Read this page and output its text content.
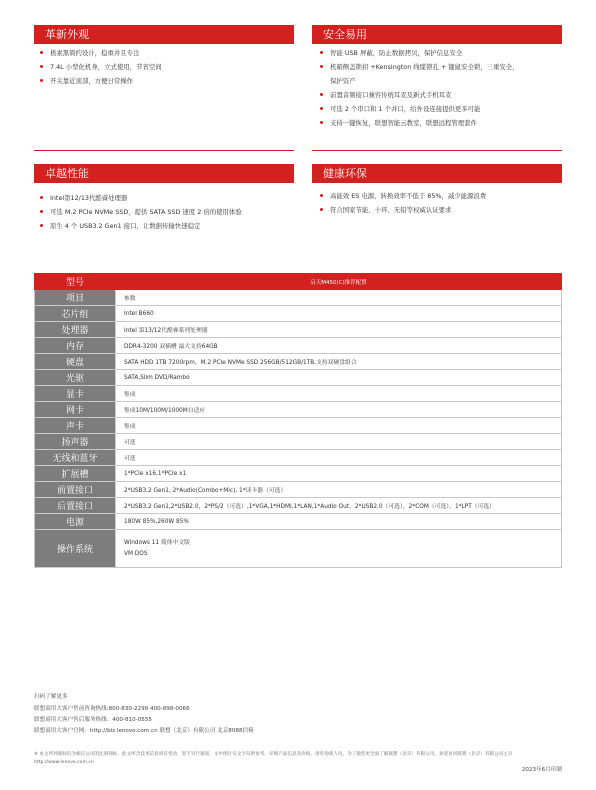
革新外观
极素黑简约设计，稳重并且专注
7.4L 小型化机身，立式使用，节省空间
开关靠近顶部，方便日常操作
安全易用
智能 USB 屏蔽，防止数据拷贝，保护信息安全
机箱侧盖锁扣 +Kensington 线缆锁孔 + 键鼠安全锁，三重安全，
保护资产
前置音频接口兼容传统耳麦及新式手机耳麦
可选 2 个串口和 1 个并口，给外设连接提供更多可能
支持一键恢复，联想智能云教室，联想远程管理套件
卓越性能
Intel第12/13代酷睿处理器
可选 M.2 PCIe NVMe SSD，提供 SATA SSD 速度 2 倍的使用体验
原生 4 个 USB3.2 Gen1 接口，让数据传输快速稳定
健康环保
高能效 ES 电源，转换效率不低于 85%，减少能源浪费
符合国家节能、十环、无铅等权威认证要求
型号	启天M450(C)推荐配置
项目	参数
芯片组	Intel B660
处理器	Intel 第13/12代酷睿系列处理器
内存	DDR4-3200 双插槽 最大支持64GB
硬盘	SATA HDD 1TB 7200rpm，M.2 PCIe NVMe SSD 256GB/512GB/1TB,支持双硬盘组合
光驱	SATA,Slim DVD/Rambo
显卡	集成
网卡	集成10M/100M/1000M自适应
声卡	集成
扬声器	可选
无线和蓝牙	可选
扩展槽	1*PCIe x16,1*PCIe x1
前置接口	2*USB3.2 Gen1, 2*Audio(Combo+Mic), 1*读卡器（可选）
后置接口	2*USB3.2 Gen1,2*USB2.0，2*PS/2（可选）,1*VGA,1*HDMI,1*LAN,1*Audio Out，2*USB2.0（可选），2*COM（可选），1*LPT（可选）
电源	180W 85%,260W 85%
操作系统	Windows 11 简体中文版
VM DOS
扫码了解更多
联想商用大客户售前咨询热线:800-830-2299 400-898-0066
联想商用大客户售后服务热线：400-810-0555
联想商用大客户官网：http://biz.lenovo.com.cn 联想（北京）有限公司 北京8088信箱
※ 本文所列商标均为相应公司的注册商标，此文所含技术信息将有变动，恕不另行通知，文中图片仅文字仅供参考，详细产品信息及价格，请咨询商人员，为了使您更全面了解联想（北京）有限公司，欢迎访问联想（北京）有限公司主页 http://www.lenovo.com.cn
2023年6月印制
